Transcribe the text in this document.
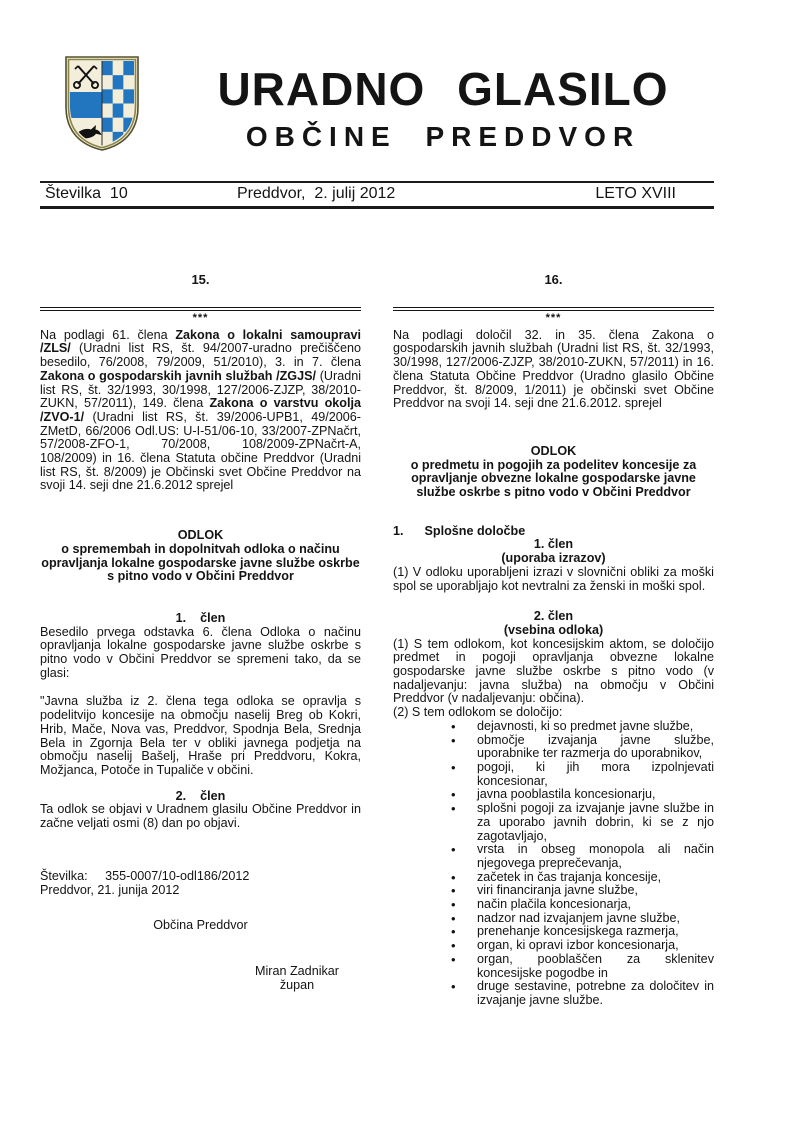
URADNO GLASILO
OBČINE PREDDVOR
Številka  10	Preddvor,  2. julij 2012	LETO XVIII
15.
***

Na podlagi 61. člena Zakona o lokalni samoupravi /ZLS/ (Uradni list RS, št. 94/2007-uradno prečiščeno besedilo, 76/2008, 79/2009, 51/2010), 3. in 7. člena Zakona o gospodarskih javnih službah /ZGJS/ (Uradni list RS, št. 32/1993, 30/1998, 127/2006-ZJZP, 38/2010-ZUKN, 57/2011), 149. člena Zakona o varstvu okolja /ZVO-1/ (Uradni list RS, št. 39/2006-UPB1, 49/2006-ZMetD, 66/2006 Odl.US: U-I-51/06-10, 33/2007-ZPNačrt, 57/2008-ZFO-1, 70/2008, 108/2009-ZPNačrt-A, 108/2009) in 16. člena Statuta občine Preddvor (Uradni list RS, št. 8/2009) je Občinski svet Občine Preddvor na svoji 14. seji dne 21.6.2012 sprejel

ODLOK
o spremembah in dopolnitvah odloka o načinu opravljanja lokalne gospodarske javne službe oskrbe s pitno vodo v Občini Preddvor
1.    člen

Besedilo prvega odstavka 6. člena Odloka o načinu opravljanja lokalne gospodarske javne službe oskrbe s pitno vodo v Občini Preddvor se spremeni tako, da se glasi:

"Javna služba iz 2. člena tega odloka se opravlja s podelitvijo koncesije na območju naselij Breg ob Kokri, Hrib, Mače, Nova vas, Preddvor, Spodnja Bela, Srednja Bela in Zgornja Bela ter v obliki javnega podjetja na območju naselij Bašelj, Hraše pri Preddvoru, Kokra, Možjanca, Potoče in Tupaliče v občini.

2.    člen

Ta odlok se objavi v Uradnem glasilu Občine Preddvor in začne veljati osmi (8) dan po objavi.

Številka:     355-0007/10-odl186/2012
Preddvor, 21. junija 2012
Občina Preddvor
Miran Zadnikar
župan
16.
***

Na podlagi določil 32. in 35. člena Zakona o gospodarskih javnih službah (Uradni list RS, št. 32/1993, 30/1998, 127/2006-ZJZP, 38/2010-ZUKN, 57/2011) in 16. člena Statuta Občine Preddvor (Uradno glasilo Občine Preddvor, št. 8/2009, 1/2011) je občinski svet Občine Preddvor na svoji 14. seji dne 21.6.2012. sprejel

ODLOK
o predmetu in pogojih za podelitev koncesije za opravljanje obvezne lokalne gospodarske javne službe oskrbe s pitno vodo v Občini Preddvor
1.      Splošne določbe
1. člen
(uporaba izrazov)

(1) V odloku uporabljeni izrazi v slovnični obliki za moški spol se uporabljajo kot nevtralni za ženski in moški spol.

2. člen
(vsebina odloka)

(1) S tem odlokom, kot koncesijskim aktom, se določijo predmet in pogoji opravljanja obvezne lokalne gospodarske javne službe oskrbe s pitno vodo (v nadaljevanju: javna služba) na območju v Občini Preddvor (v nadaljevanju: občina).

(2) S tem odlokom se določijo:

• dejavnosti, ki so predmet javne službe,
• območje izvajanja javne službe, uporabnike ter razmerja do uporabnikov,
• pogoji, ki jih mora izpolnjevati koncesionar,
• javna pooblastila koncesionarju,
• splošni pogoji za izvajanje javne službe in za uporabo javnih dobrin, ki se z njo zagotavljajo,
• vrsta in obseg monopola ali način njegovega preprečevanja,
• začetek in čas trajanja koncesije,
• viri financiranja javne službe,
• način plačila koncesionarja,
• nadzor nad izvajanjem javne službe,
• prenehanje koncesijskega razmerja,
• organ, ki opravi izbor koncesionarja,
• organ, pooblaščen za sklenitev koncesijske pogodbe in
• druge sestavine, potrebne za določitev in izvajanje javne službe.
